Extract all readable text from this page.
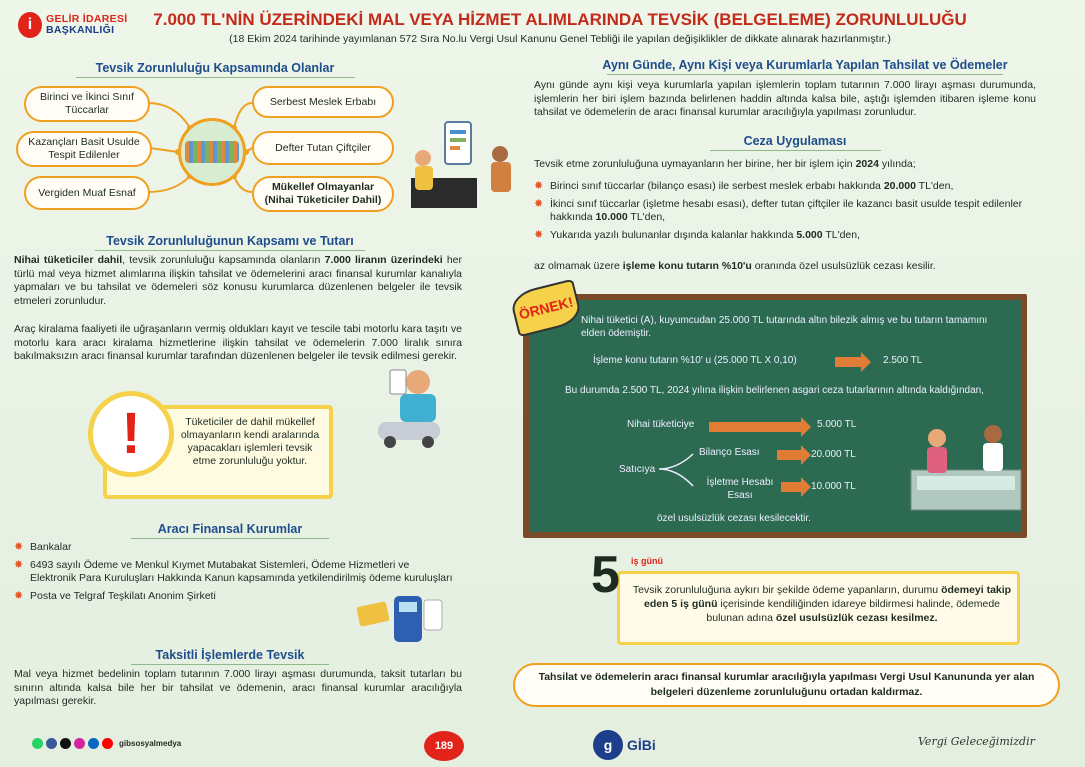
i	GELİR İDARESİ
BAŞKANLIĞI
7.000 TL'NİN ÜZERİNDEKİ MAL VEYA HİZMET ALIMLARINDA TEVSİK (BELGELEME) ZORUNLULUĞU
(18 Ekim 2024 tarihinde yayımlanan 572 Sıra No.lu Vergi Usul Kanunu Genel Tebliği ile yapılan değişiklikler de dikkate alınarak hazırlanmıştır.)
Tevsik Zorunluluğu Kapsamında Olanlar
Birinci ve İkinci Sınıf Tüccarlar
Kazançları Basit Usulde Tespit Edilenler
Vergiden Muaf Esnaf
Serbest Meslek Erbabı
Defter Tutan Çiftçiler
Mükellef Olmayanlar
(Nihai Tüketiciler Dahil)
Tevsik Zorunluluğunun Kapsamı ve Tutarı
Nihai tüketiciler dahil, tevsik zorunluluğu kapsamında olanların 7.000 liranın üzerindeki her türlü mal veya hizmet alımlarına ilişkin tahsilat ve ödemelerini aracı finansal kurumlar kanalıyla yapmaları ve bu tahsilat ve ödemeleri söz konusu kurumlarca düzenlenen belgeler ile tevsik etmeleri zorunludur.
Araç kiralama faaliyeti ile uğraşanların vermiş oldukları kayıt ve tescile tabi motorlu kara taşıtı ve motorlu kara aracı kiralama hizmetlerine ilişkin tahsilat ve ödemelerin 7.000 liralık sınıra bakılmaksızın aracı finansal kurumlar tarafından düzenlenen belgeler ile tevsik edilmesi gerekir.
!	Tüketiciler de dahil mükellef olmayanların kendi aralarında yapacakları işlemleri tevsik etme zorunluluğu yoktur.
Aracı Finansal Kurumlar
✸ Bankalar
✸ 6493 sayılı Ödeme ve Menkul Kıymet Mutabakat Sistemleri, Ödeme Hizmetleri ve Elektronik Para Kuruluşları Hakkında Kanun kapsamında yetkilendirilmiş ödeme kuruluşları
✸ Posta ve Telgraf Teşkilatı Anonim Şirketi
Taksitli İşlemlerde Tevsik
Mal veya hizmet bedelinin toplam tutarının 7.000 lirayı aşması durumunda, taksit tutarları bu sınırın altında kalsa bile her bir tahsilat ve ödemenin, aracı finansal kurumlar aracılığıyla yapılması gerekir.
Aynı Günde, Aynı Kişi veya Kurumlarla Yapılan Tahsilat ve Ödemeler
Aynı günde aynı kişi veya kurumlarla yapılan işlemlerin toplam tutarının 7.000 lirayı aşması durumunda, işlemlerin her biri işlem bazında belirlenen haddin altında kalsa bile, aştığı işlemden itibaren işleme konu tahsilat ve ödemelerin de aracı finansal kurumlar aracılığıyla yapılması zorunludur.
Ceza Uygulaması
Tevsik etme zorunluluğuna uymayanların her birine, her bir işlem için 2024 yılında;
✸ Birinci sınıf tüccarlar (bilanço esası) ile serbest meslek erbabı hakkında 20.000 TL'den,
✸ İkinci sınıf tüccarlar (işletme hesabı esası), defter tutan çiftçiler ile kazancı basit usulde tespit edilenler hakkında 10.000 TL'den,
✸ Yukarıda yazılı bulunanlar dışında kalanlar hakkında 5.000 TL'den,
az olmamak üzere işleme konu tutarın %10'u oranında özel usulsüzlük cezası kesilir.
Nihai tüketici (A), kuyumcudan 25.000 TL tutarında altın bilezik almış ve bu tutarın tamamını elden ödemiştir.
İşleme konu tutarın %10' u (25.000 TL X 0,10)	2.500 TL
Bu durumda 2.500 TL, 2024 yılına ilişkin belirlenen asgari ceza tutarlarının altında kaldığından,
Nihai tüketiciye	5.000 TL
Satıcıya
Bilanço Esası	20.000 TL
İşletme Hesabı Esası
10.000 TL
özel usulsüzlük cezası kesilecektir.
ÖRNEK!
5 iş günü
Tevsik zorunluluğuna aykırı bir şekilde ödeme yapanların, durumu ödemeyi takip eden 5 iş günü içerisinde kendiliğinden idareye bildirmesi halinde, ödemede bulunan adına özel usulsüzlük cezası kesilmez.
Tahsilat ve ödemelerin aracı finansal kurumlar aracılığıyla yapılması Vergi Usul Kanununda yer alan belgeleri düzenleme zorunluluğunu ortadan kaldırmaz.
gibsosyalmedya	189	g	GİBi	Vergi Geleceğimizdir
